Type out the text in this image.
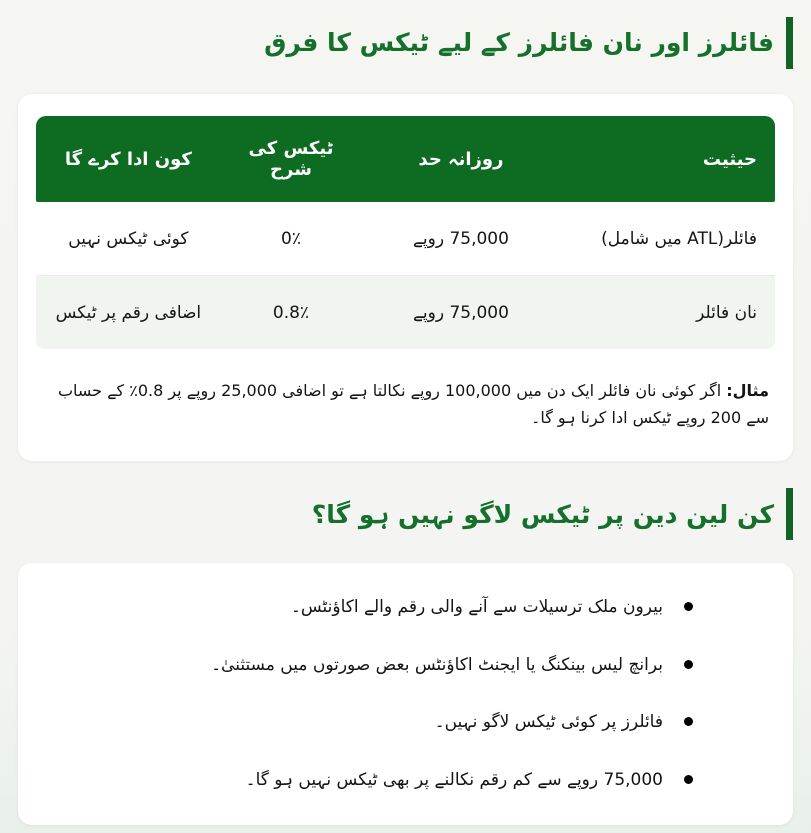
فائلرز اور نان فائلرز کے لیے ٹیکس کا فرق
حیثیت	روزانہ حد	ٹیکس کی شرح	کون ادا کرے گا
فائلر(ATL میں شامل)	75,000 روپے	0٪	کوئی ٹیکس نہیں
نان فائلر	75,000 روپے	0.8٪	اضافی رقم پر ٹیکس

مثال: اگر کوئی نان فائلر ایک دن میں 100,000 روپے نکالتا ہے تو اضافی 25,000 روپے پر 0.8٪ کے حساب سے 200 روپے ٹیکس ادا کرنا ہو گا۔

کن لین دین پر ٹیکس لاگو نہیں ہو گا؟
بیرون ملک ترسیلات سے آنے والی رقم والے اکاؤنٹس۔
برانچ لیس بینکنگ یا ایجنٹ اکاؤنٹس بعض صورتوں میں مستثنیٰ۔
فائلرز پر کوئی ٹیکس لاگو نہیں۔
75,000 روپے سے کم رقم نکالنے پر بھی ٹیکس نہیں ہو گا۔
